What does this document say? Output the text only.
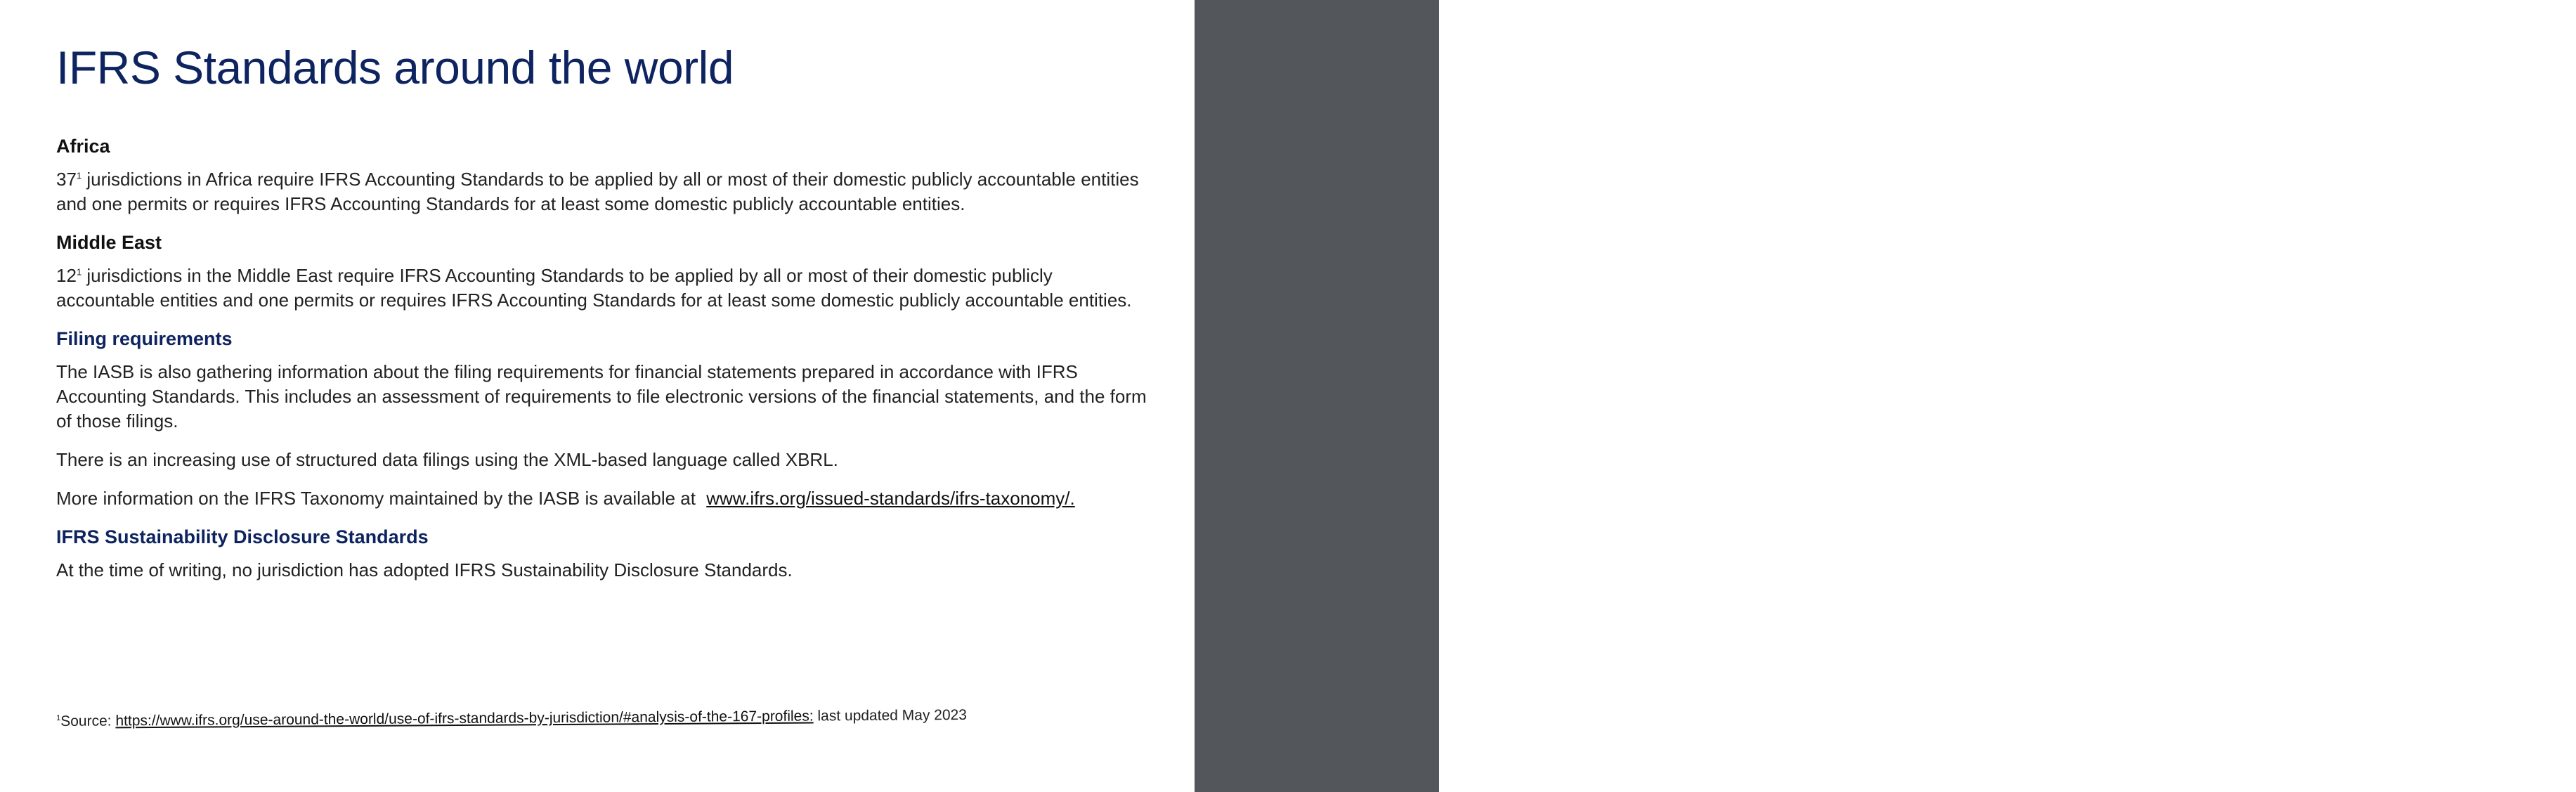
12
IFRS Standards around the world
Africa

$37^1$ jurisdictions in Africa require IFRS Accounting Standards to be applied by all or most of their domestic publicly accountable entities and one permits or requires IFRS Accounting Standards for at least some domestic publicly accountable entities.

Middle East

$12^1$ jurisdictions in the Middle East require IFRS Accounting Standards to be applied by all or most of their domestic publicly accountable entities and one permits or requires IFRS Accounting Standards for at least some domestic publicly accountable entities.

Filing requirements

The IASB is also gathering information about the filing requirements for financial statements prepared in accordance with IFRS Accounting Standards. This includes an assessment of requirements to file electronic versions of the financial statements, and the form of those filings.

There is an increasing use of structured data filings using the XML-based language called XBRL.

More information on the IFRS Taxonomy maintained by the IASB is available at www.ifrs.org/issued-standards/ifrs-taxonomy/.

IFRS Sustainability Disclosure Standards

At the time of writing, no jurisdiction has adopted IFRS Sustainability Disclosure Standards.

$^1$Source: https://www.ifrs.org/use-around-the-world/use-of-ifrs-standards-by-jurisdiction/#analysis-of-the-167-profiles: last updated May 2023
